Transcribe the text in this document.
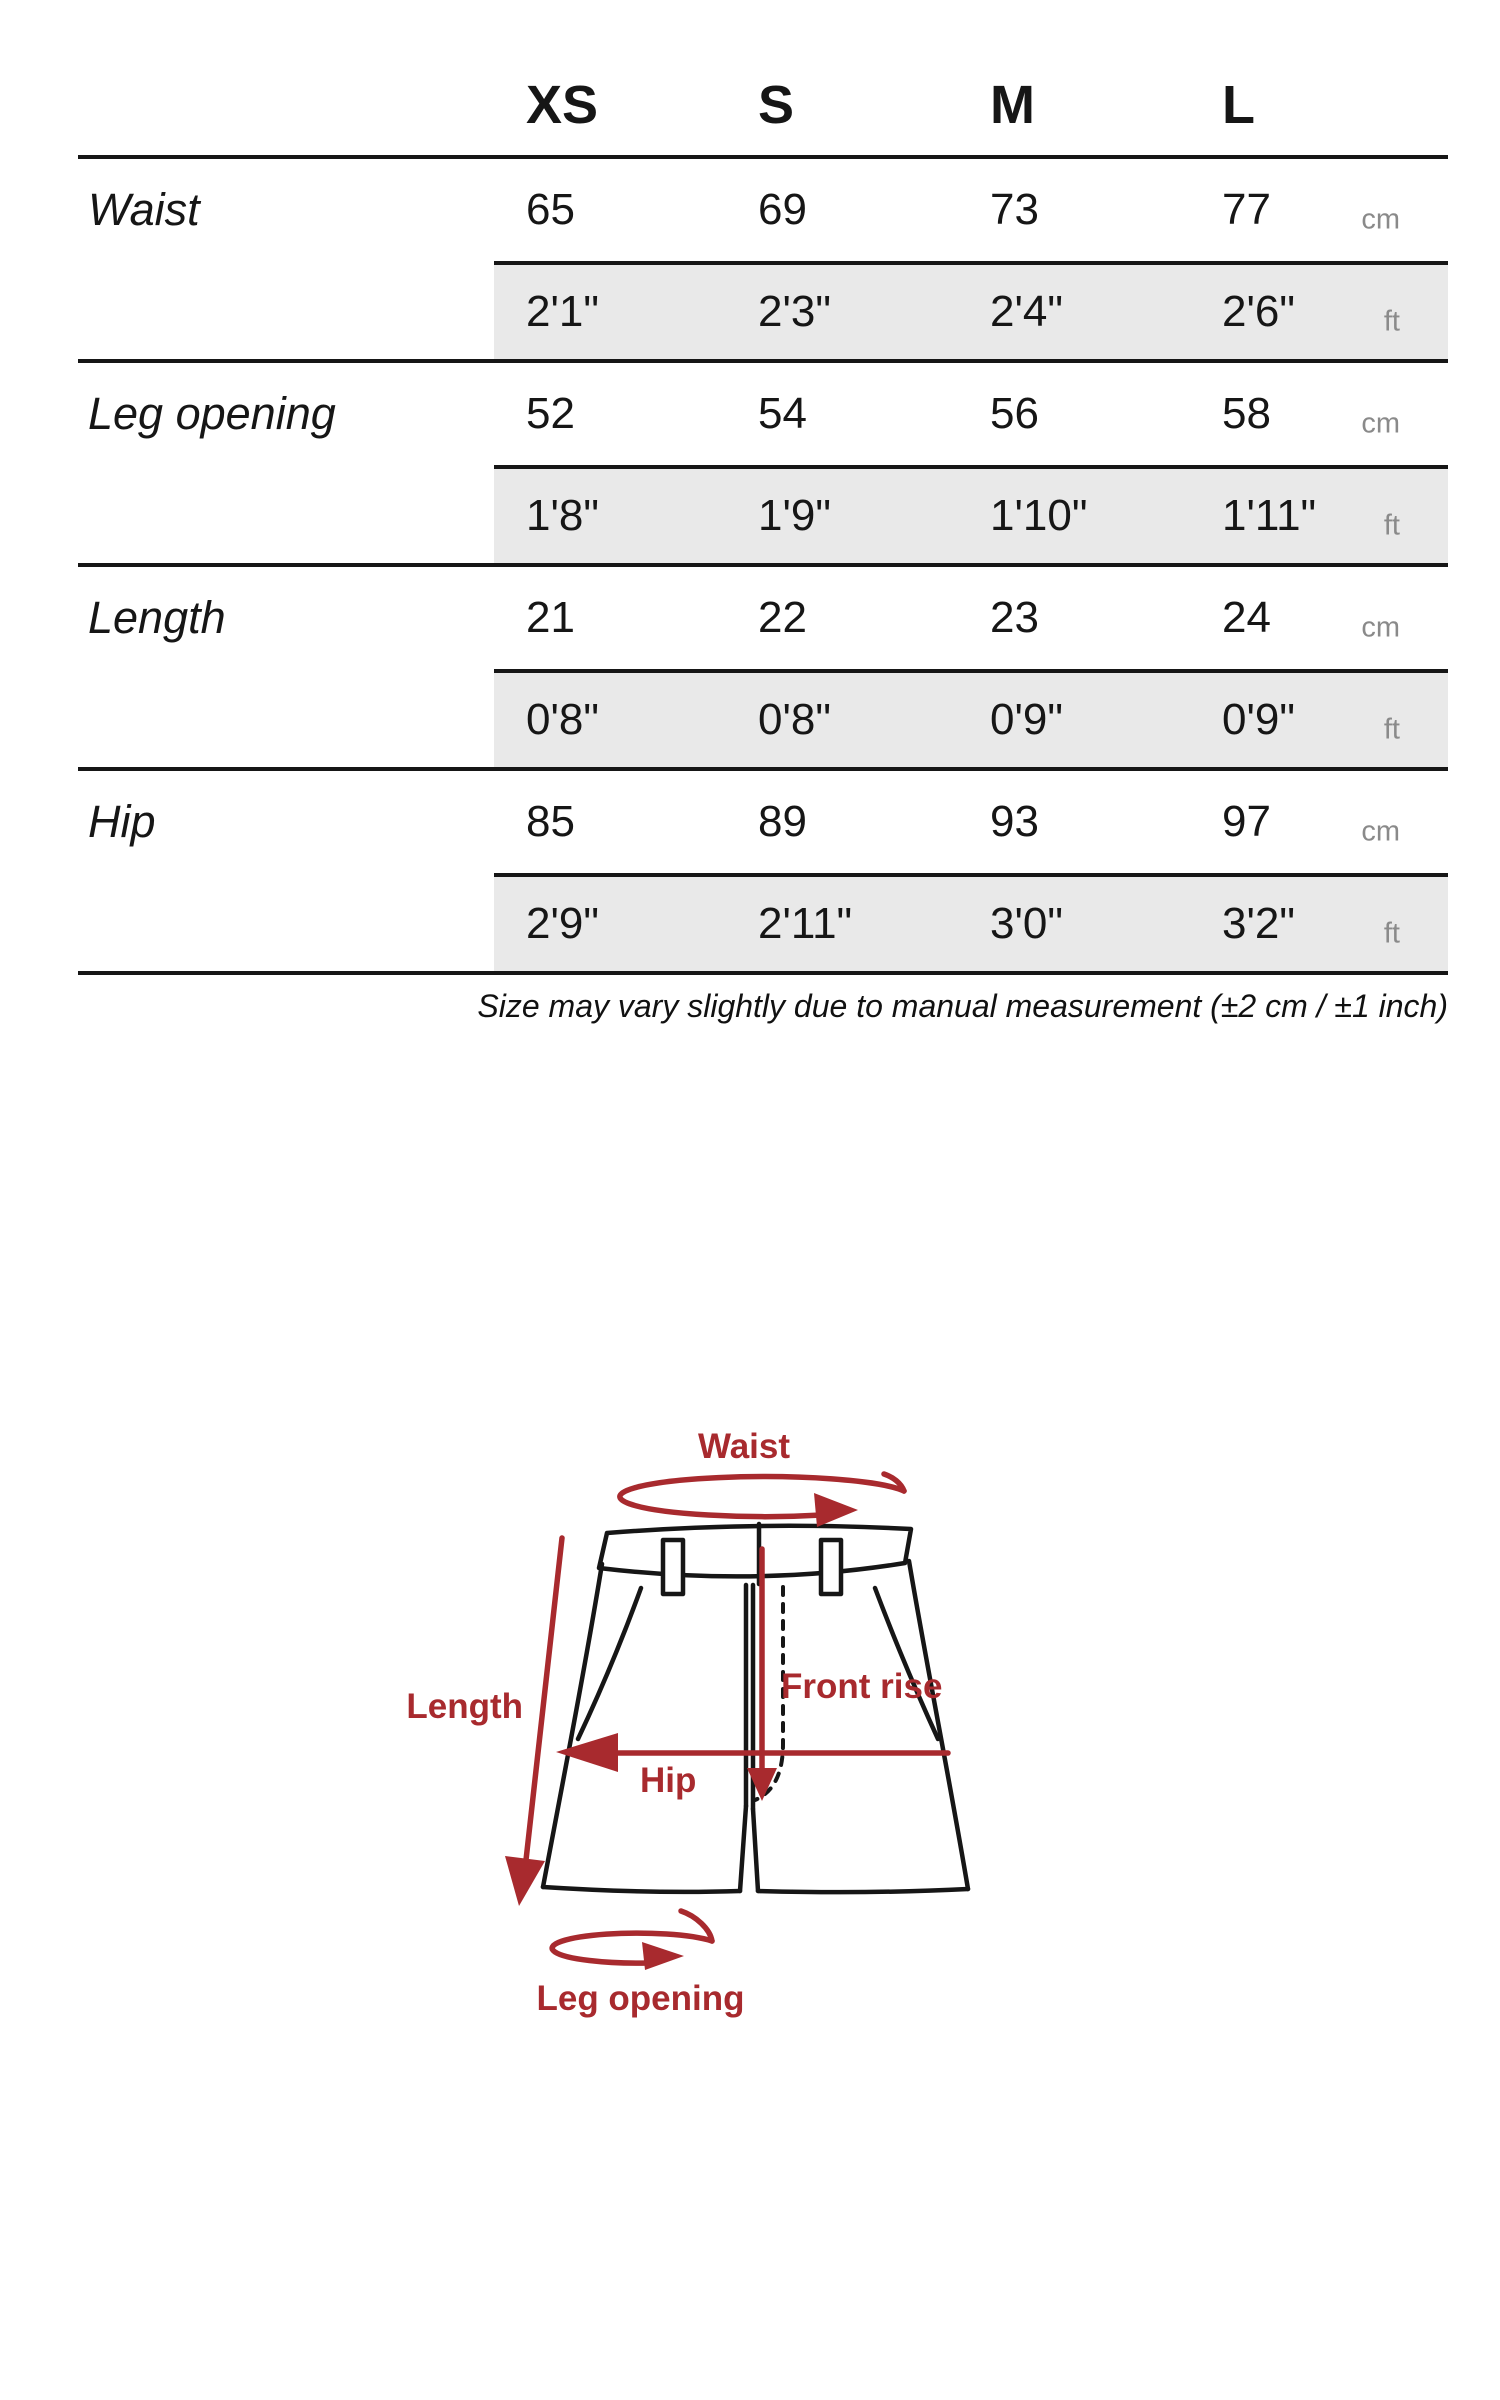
XS	S	M	L
Waist	65	69	73	77	cm
2'1"	2'3"	2'4"	2'6"	ft
Leg opening	52	54	56	58	cm
1'8"	1'9"	1'10"	1'11"	ft
Length	21	22	23	24	cm
0'8"	0'8"	0'9"	0'9"	ft
Hip	85	89	93	97	cm
2'9"	2'11"	3'0"	3'2"	ft
Size may vary slightly due to manual measurement (±2 cm / ±1 inch)
Waist
Length
Front rise
Hip
Leg opening
